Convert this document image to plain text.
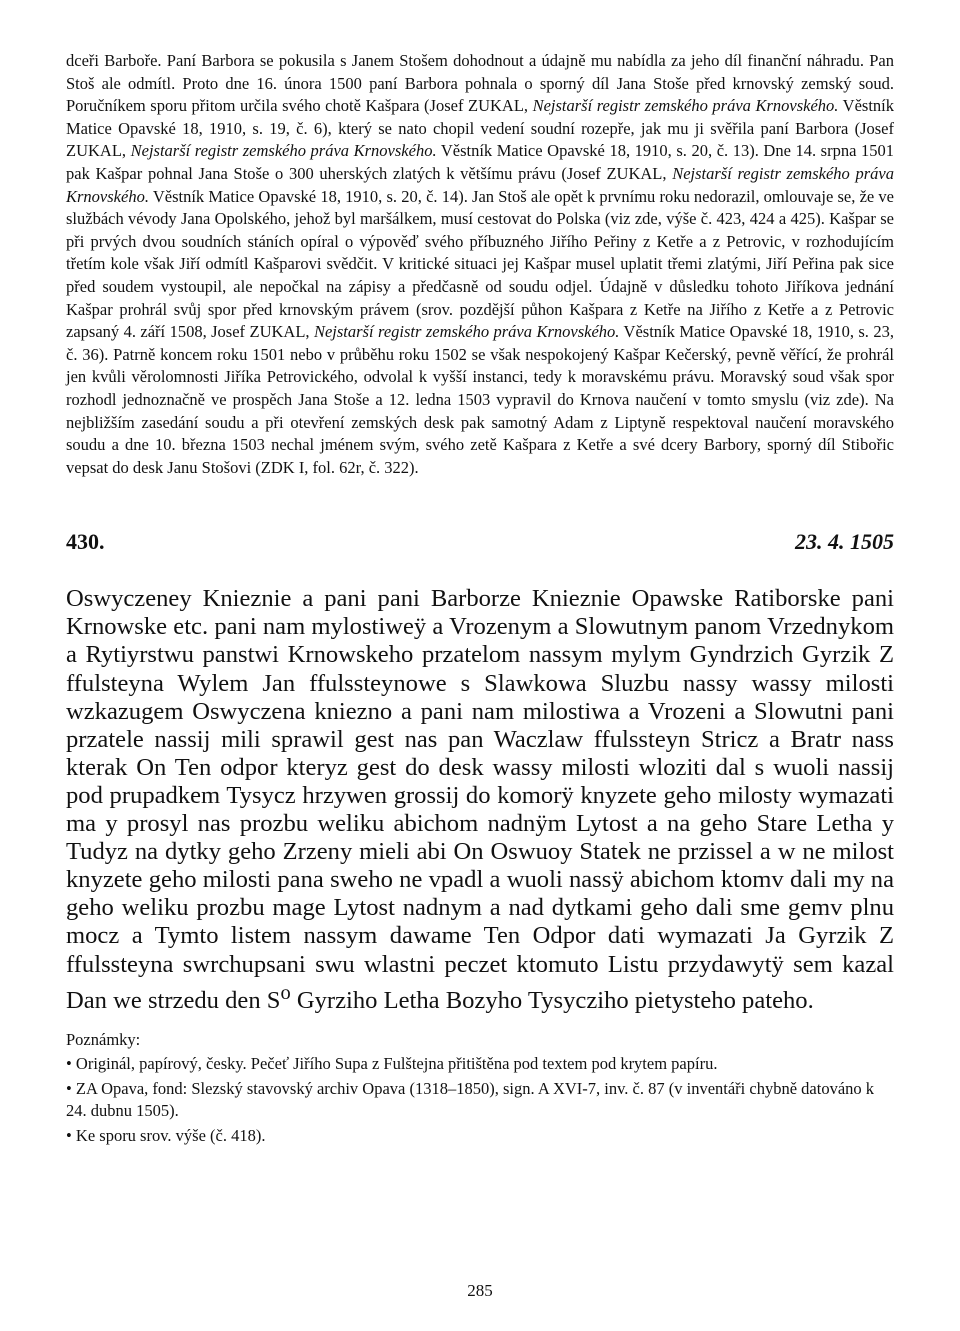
dceři Barboře. Paní Barbora se pokusila s Janem Stošem dohodnout a údajně mu nabídla za jeho díl finanční náhradu. Pan Stoš ale odmítl. Proto dne 16. února 1500 paní Barbora pohnala o sporný díl Jana Stoše před krnovský zemský soud. Poručníkem sporu přitom určila svého chotě Kašpara (Josef ZUKAL, Nejstarší registr zemského práva Krnovského. Věstník Matice Opavské 18, 1910, s. 19, č. 6), který se nato chopil vedení soudní rozepře, jak mu ji svěřila paní Barbora (Josef ZUKAL, Nejstarší registr zemského práva Krnovského. Věstník Matice Opavské 18, 1910, s. 20, č. 13). Dne 14. srpna 1501 pak Kašpar pohnal Jana Stoše o 300 uherských zlatých k většímu právu (Josef ZUKAL, Nejstarší registr zemského práva Krnovského. Věstník Matice Opavské 18, 1910, s. 20, č. 14). Jan Stoš ale opět k prvnímu roku nedorazil, omlouvaje se, že ve službách vévody Jana Opolského, jehož byl maršálkem, musí cestovat do Polska (viz zde, výše č. 423, 424 a 425). Kašpar se při prvých dvou soudních stáních opíral o výpověď svého příbuzného Jiřího Peřiny z Ketře a z Petrovic, v rozhodujícím třetím kole však Jiří odmítl Kašparovi svědčit. V kritické situaci jej Kašpar musel uplatit třemi zlatými, Jiří Peřina pak sice před soudem vystoupil, ale nepočkal na zápisy a předčasně od soudu odjel. Údajně v důsledku tohoto Jiříkova jednání Kašpar prohrál svůj spor před krnovským právem (srov. pozdější půhon Kašpara z Ketře na Jiřího z Ketře a z Petrovic zapsaný 4. září 1508, Josef ZUKAL, Nejstarší registr zemského práva Krnovského. Věstník Matice Opavské 18, 1910, s. 23, č. 36). Patrně koncem roku 1501 nebo v průběhu roku 1502 se však nespokojený Kašpar Kečerský, pevně věřící, že prohrál jen kvůli věrolomnosti Jiříka Petrovického, odvolal k vyšší instanci, tedy k moravskému právu. Moravský soud však spor rozhodl jednoznačně ve prospěch Jana Stoše a 12. ledna 1503 vypravil do Krnova naučení v tomto smyslu (viz zde). Na nejbližším zasedání soudu a při otevření zemských desk pak samotný Adam z Liptyně respektoval naučení moravského soudu a dne 10. března 1503 nechal jménem svým, svého zetě Kašpara z Ketře a své dcery Barbory, sporný díl Stibořic vepsat do desk Janu Stošovi (ZDK I, fol. 62r, č. 322).

430.	23. 4. 1505
Oswyczeney Knieznie a pani pani Barborze Knieznie Opawske Ratiborske pani Krnowske etc. pani nam mylostiweÿ a Vrozenym a Slowutnym panom Vrzednykom a Rytiyrstwu panstwi Krnowskeho przatelom nassym mylym Gyndrzich Gyrzik Z ffulsteyna Wylem Jan ffulssteynowe s Slawkowa Sluzbu nassy wassy milosti wzkazugem Oswyczena kniezno a pani nam milostiwa a Vrozeni a Slowutni pani przatele nassij mili sprawil gest nas pan Waczlaw ffulssteyn Stricz a Bratr nass kterak On Ten odpor kteryz gest do desk wassy milosti wloziti dal s wuoli nassij pod prupadkem Tysycz hrzywen grossij do komorÿ knyzete geho milosty wymazati ma y prosyl nas prozbu weliku abichom nadnÿm Lytost a na geho Stare Letha y Tudyz na dytky geho Zrzeny mieli abi On Oswuoy Statek ne przissel a w ne milost knyzete geho milosti pana sweho ne vpadl a wuoli nassÿ abichom ktomv dali my na geho weliku prozbu mage Lytost nadnym a nad dytkami geho dali sme gemv plnu mocz a Tymto listem nassym dawame Ten Odpor dati wymazati Ja Gyrzik Z ffulssteyna swrchupsani swu wlastni peczet ktomuto Listu przydawytÿ sem kazal Dan we strzedu den $S^o$ Gyrziho Letha Bozyho Tysycziho pietysteho pateho.

Poznámky:

• Originál, papírový, česky. Pečeť Jiřího Supa z Fulštejna přitištěna pod textem pod krytem papíru.
• ZA Opava, fond: Slezský stavovský archiv Opava (1318–1850), sign. A XVI-7, inv. č. 87 (v inventáři chybně datováno k 24. dubnu 1505).
• Ke sporu srov. výše (č. 418).
285
